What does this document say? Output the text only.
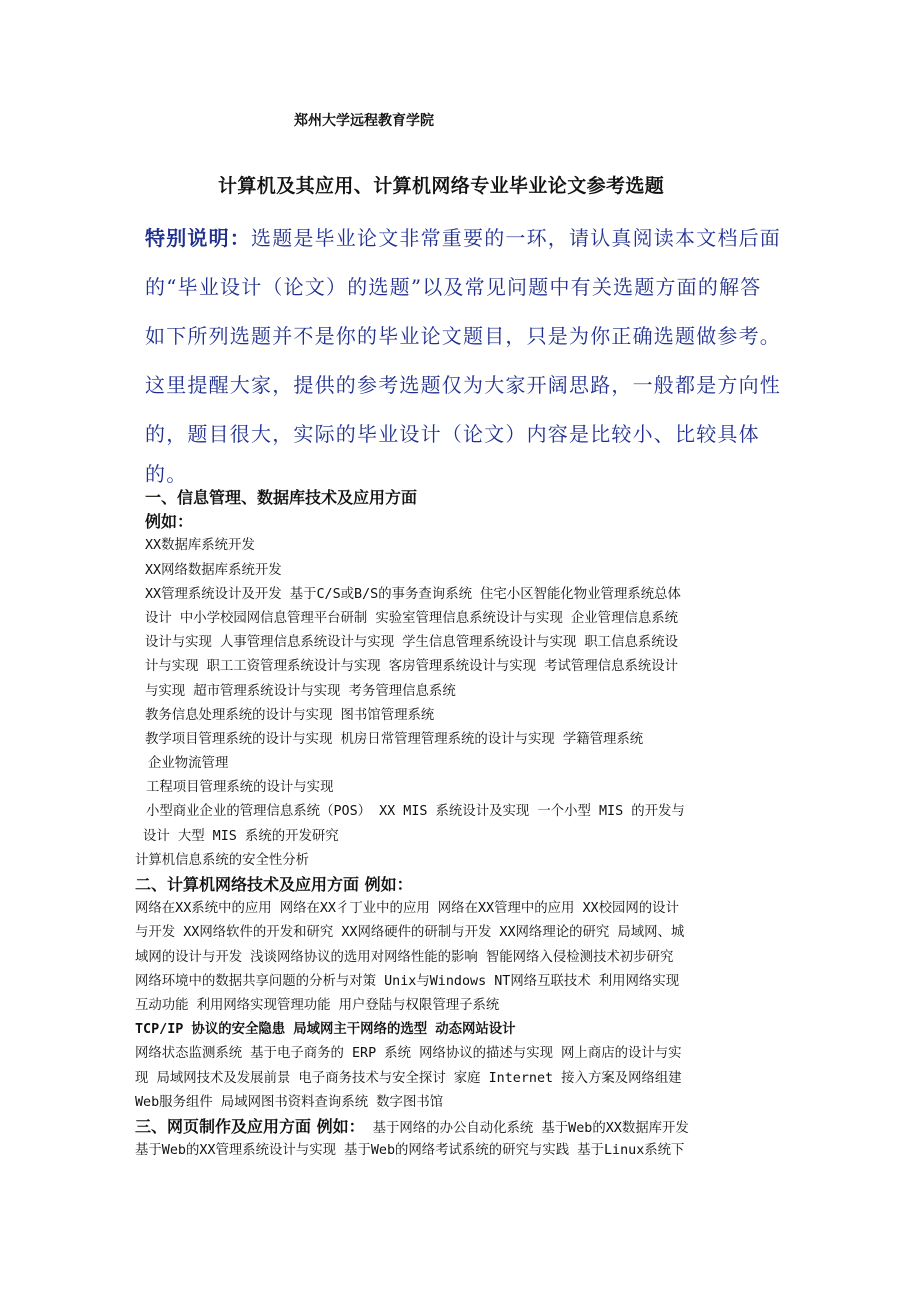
郑州大学远程教育学院
计算机及其应用、计算机网络专业毕业论文参考选题
特别说明：选题是毕业论文非常重要的一环，请认真阅读本文档后面
的“毕业设计（论文）的选题”以及常见问题中有关选题方面的解答
如下所列选题并不是你的毕业论文题目，只是为你正确选题做参考。
这里提醒大家，提供的参考选题仅为大家开阔思路，一般都是方向性
的，题目很大，实际的毕业设计（论文）内容是比较小、比较具体
的。
一、信息管理、数据库技术及应用方面
例如：
XX数据库系统开发
XX网络数据库系统开发
XX管理系统设计及开发 基于C/S或B/S的事务查询系统 住宅小区智能化物业管理系统总体
设计 中小学校园网信息管理平台研制 实验室管理信息系统设计与实现 企业管理信息系统
设计与实现 人事管理信息系统设计与实现 学生信息管理系统设计与实现 职工信息系统设
计与实现 职工工资管理系统设计与实现 客房管理系统设计与实现 考试管理信息系统设计
与实现 超市管理系统设计与实现 考务管理信息系统
教务信息处理系统的设计与实现 图书馆管理系统
教学项目管理系统的设计与实现 机房日常管理管理系统的设计与实现 学籍管理系统
企业物流管理
工程项目管理系统的设计与实现
小型商业企业的管理信息系统（POS） XX MIS 系统设计及实现 一个小型 MIS 的开发与
设计 大型 MIS 系统的开发研究
计算机信息系统的安全性分析
二、计算机网络技术及应用方面 例如：
网络在XX系统中的应用 网络在XX彳丁业中的应用 网络在XX管理中的应用 XX校园网的设计
与开发 XX网络软件的开发和研究 XX网络硬件的研制与开发 XX网络理论的研究 局域网、城
域网的设计与开发 浅谈网络协议的选用对网络性能的影响 智能网络入侵检测技术初步研究
网络环境中的数据共享问题的分析与对策 Unix与Windows NT网络互联技术 利用网络实现
互动功能 利用网络实现管理功能 用户登陆与权限管理子系统
TCP/IP 协议的安全隐患 局域网主干网络的选型 动态网站设计
网络状态监测系统 基于电子商务的 ERP 系统 网络协议的描述与实现 网上商店的设计与实
现 局域网技术及发展前景 电子商务技术与安全探讨 家庭 Internet 接入方案及网络组建
Web服务组件 局域网图书资料查询系统 数字图书馆
三、网页制作及应用方面 例如： 基于网络的办公自动化系统 基于Web的XX数据库开发
基于Web的XX管理系统设计与实现 基于Web的网络考试系统的研究与实践 基于Linux系统下
